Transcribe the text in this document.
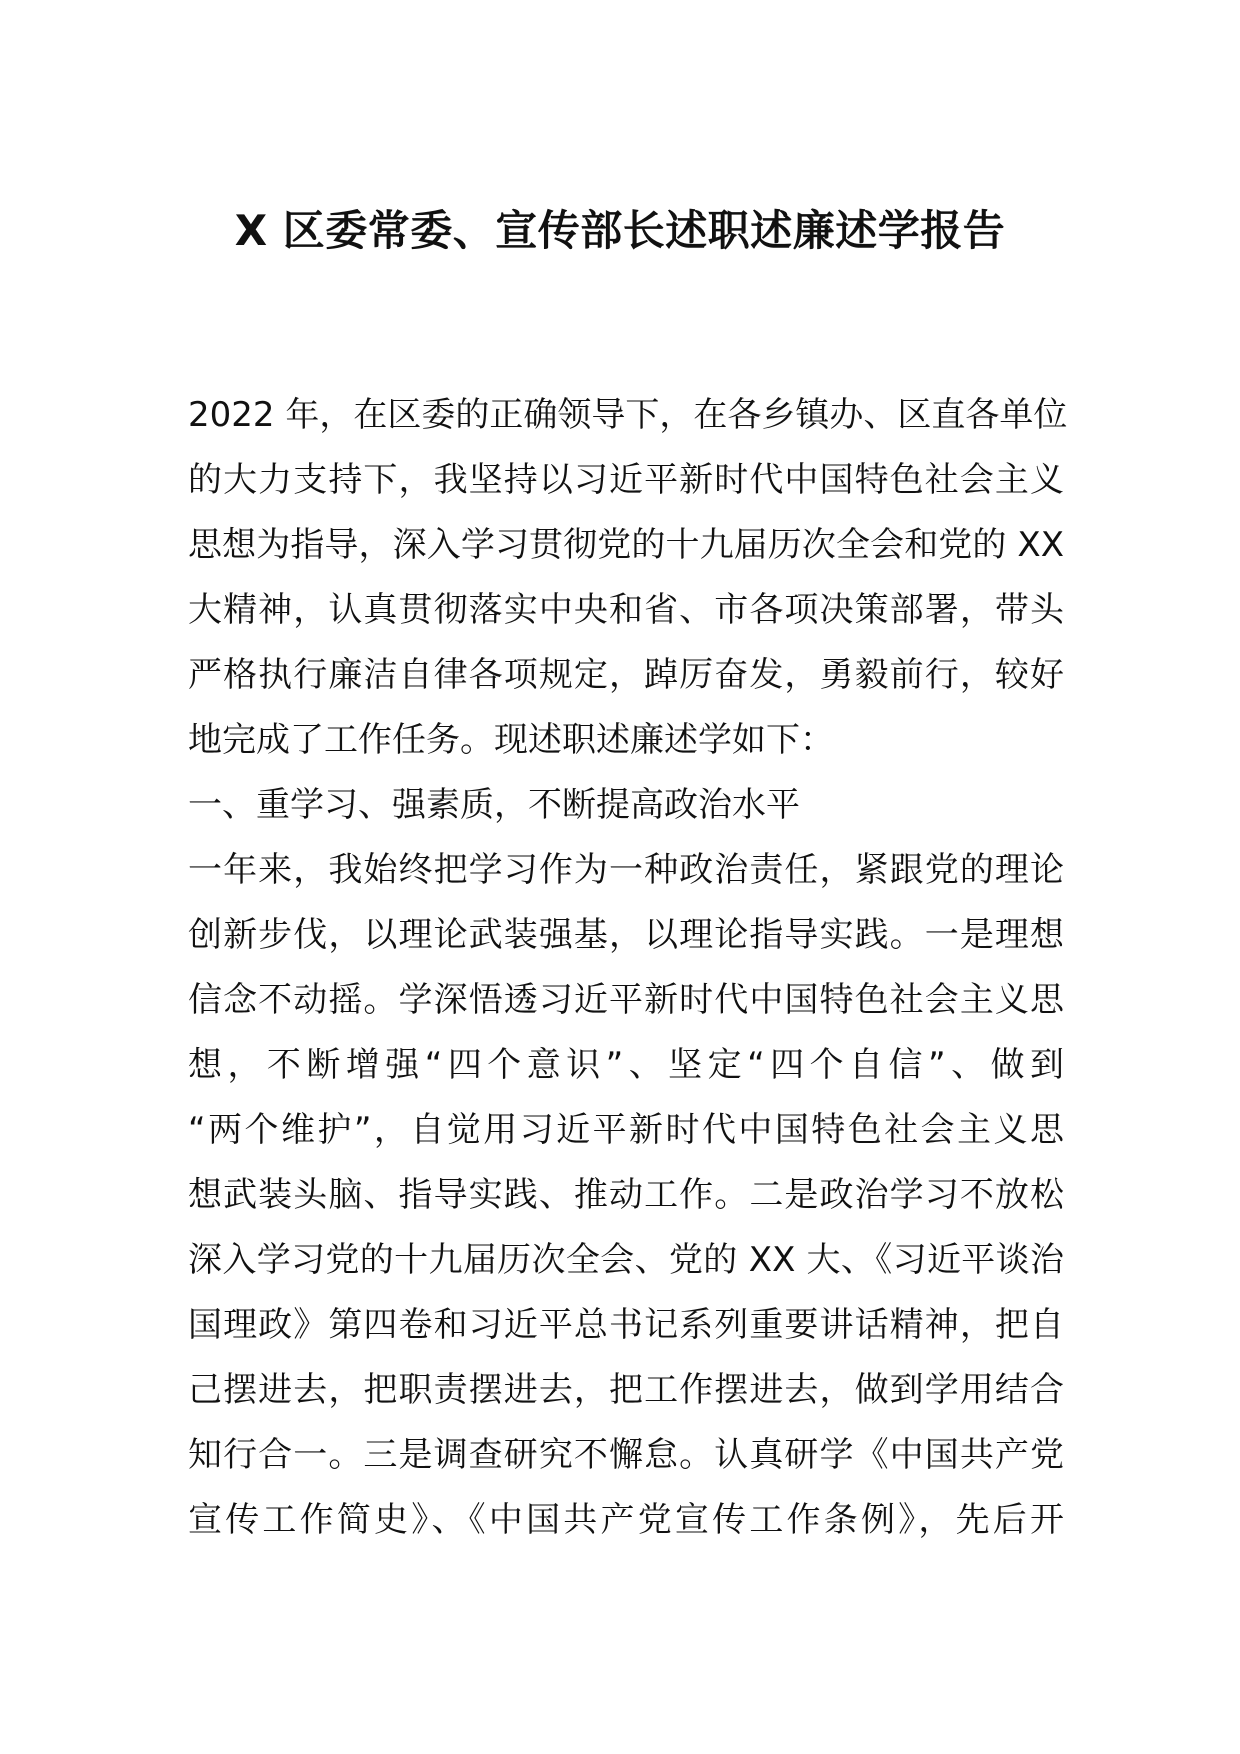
X 区委常委、宣传部长述职述廉述学报告
2022 年，在区委的正确领导下，在各乡镇办、区直各单位
的大力支持下，我坚持以习近平新时代中国特色社会主义
思想为指导，深入学习贯彻党的十九届历次全会和党的 XX
大精神，认真贯彻落实中央和省、市各项决策部署，带头
严格执行廉洁自律各项规定，踔厉奋发，勇毅前行，较好
地完成了工作任务。现述职述廉述学如下：
一、重学习、强素质，不断提高政治水平
一年来，我始终把学习作为一种政治责任，紧跟党的理论
创新步伐，以理论武装强基，以理论指导实践。一是理想
信念不动摇。学深悟透习近平新时代中国特色社会主义思
想，不断增强“四个意识”、坚定“四个自信”、做到
“两个维护”，自觉用习近平新时代中国特色社会主义思
想武装头脑、指导实践、推动工作。二是政治学习不放松
深入学习党的十九届历次全会、党的 XX 大、《习近平谈治
国理政》第四卷和习近平总书记系列重要讲话精神，把自
己摆进去，把职责摆进去，把工作摆进去，做到学用结合
知行合一。三是调查研究不懈怠。认真研学《中国共产党
宣传工作简史》、《中国共产党宣传工作条例》，先后开
